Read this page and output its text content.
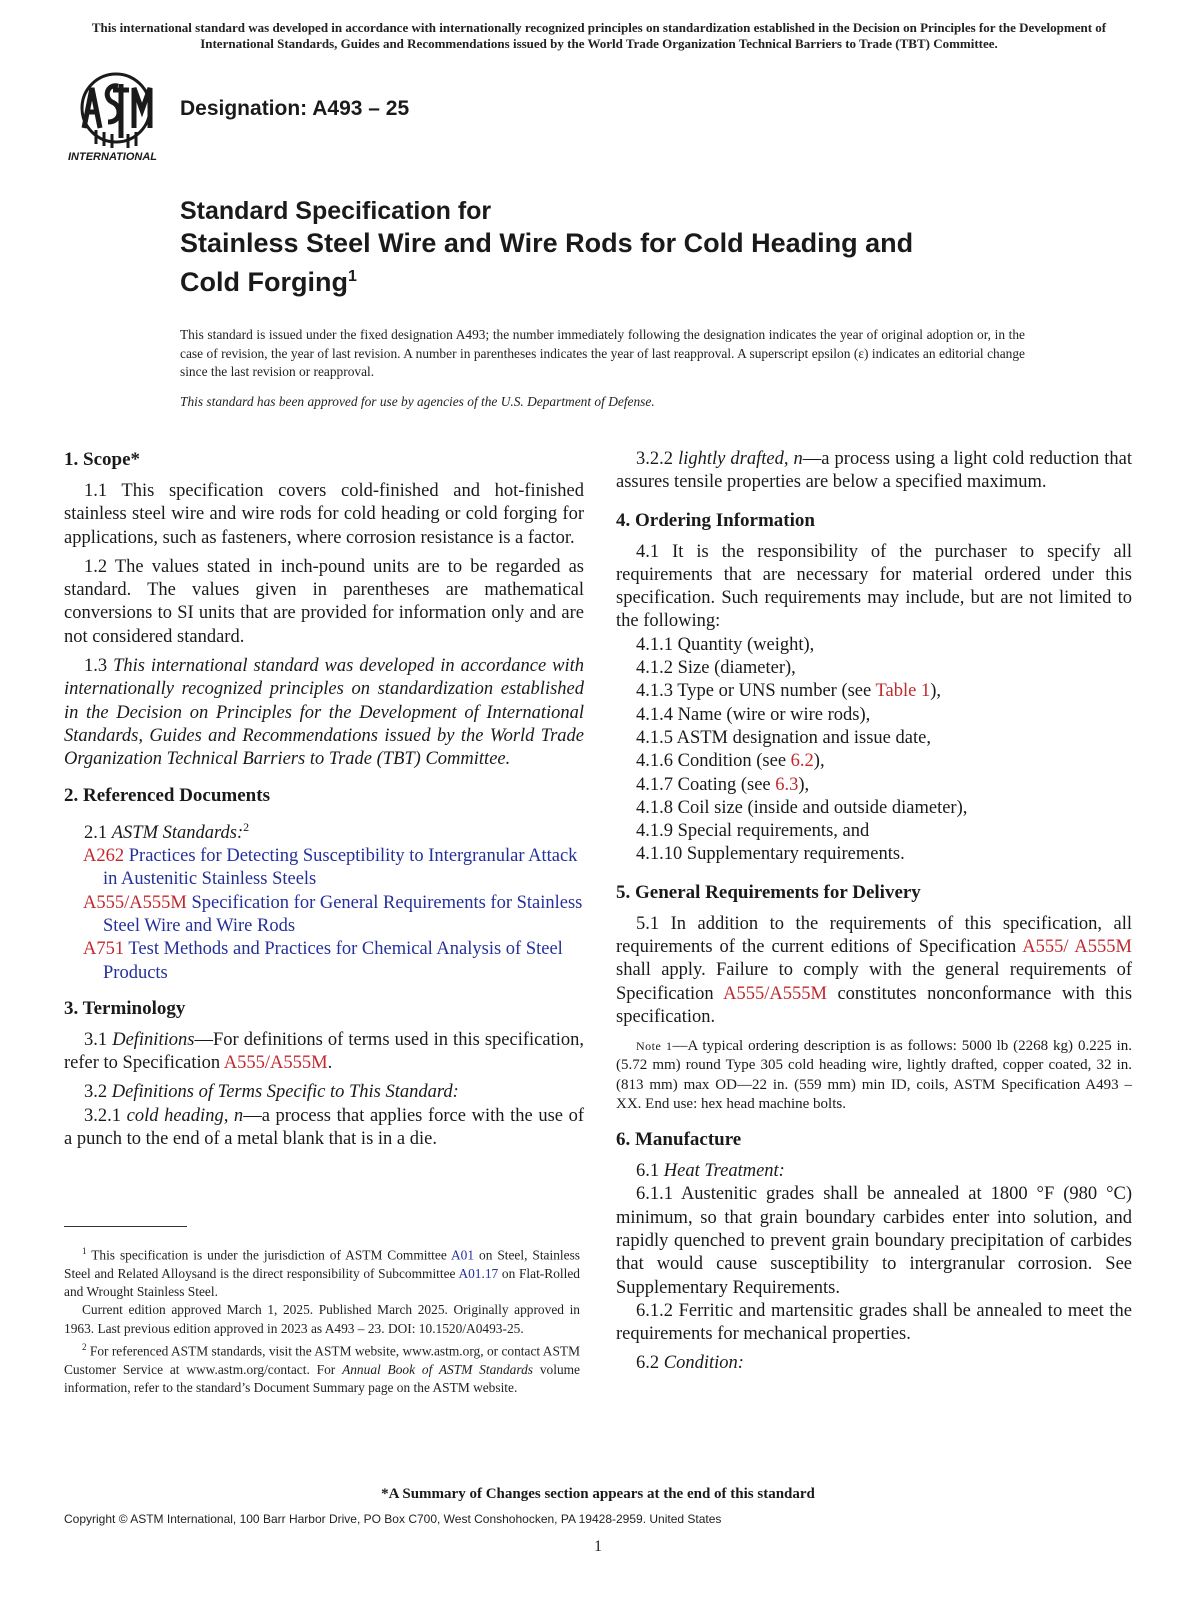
This international standard was developed in accordance with internationally recognized principles on standardization established in the Decision on Principles for the Development of International Standards, Guides and Recommendations issued by the World Trade Organization Technical Barriers to Trade (TBT) Committee.
INTERNATIONAL
Designation: A493 – 25
Standard Specification for
Stainless Steel Wire and Wire Rods for Cold Heading and
Cold Forging$^1$
This standard is issued under the fixed designation A493; the number immediately following the designation indicates the year of original adoption or, in the case of revision, the year of last revision. A number in parentheses indicates the year of last reapproval. A superscript epsilon (ε) indicates an editorial change since the last revision or reapproval.
This standard has been approved for use by agencies of the U.S. Department of Defense.
1. Scope*

1.1 This specification covers cold-finished and hot-finished stainless steel wire and wire rods for cold heading or cold forging for applications, such as fasteners, where corrosion resistance is a factor.

1.2 The values stated in inch-pound units are to be regarded as standard. The values given in parentheses are mathematical conversions to SI units that are provided for information only and are not considered standard.

1.3 This international standard was developed in accordance with internationally recognized principles on standardization established in the Decision on Principles for the Development of International Standards, Guides and Recommendations issued by the World Trade Organization Technical Barriers to Trade (TBT) Committee.

2. Referenced Documents

2.1 ASTM Standards:$^2$

A262 Practices for Detecting Susceptibility to Intergranular Attack in Austenitic Stainless Steels

A555/A555M Specification for General Requirements for Stainless Steel Wire and Wire Rods

A751 Test Methods and Practices for Chemical Analysis of Steel Products

3. Terminology

3.1 Definitions—For definitions of terms used in this specification, refer to Specification A555/A555M.

3.2 Definitions of Terms Specific to This Standard:

3.2.1 cold heading, n—a process that applies force with the use of a punch to the end of a metal blank that is in a die.

3.2.2 lightly drafted, n—a process using a light cold reduction that assures tensile properties are below a specified maximum.

4. Ordering Information

4.1 It is the responsibility of the purchaser to specify all requirements that are necessary for material ordered under this specification. Such requirements may include, but are not limited to the following:

4.1.1 Quantity (weight),

4.1.2 Size (diameter),

4.1.3 Type or UNS number (see Table 1),

4.1.4 Name (wire or wire rods),

4.1.5 ASTM designation and issue date,

4.1.6 Condition (see 6.2),

4.1.7 Coating (see 6.3),

4.1.8 Coil size (inside and outside diameter),

4.1.9 Special requirements, and

4.1.10 Supplementary requirements.

5. General Requirements for Delivery

5.1 In addition to the requirements of this specification, all requirements of the current editions of Specification A555/ A555M shall apply. Failure to comply with the general requirements of Specification A555/A555M constitutes nonconformance with this specification.

Note 1—A typical ordering description is as follows: 5000 lb (2268 kg) 0.225 in. (5.72 mm) round Type 305 cold heading wire, lightly drafted, copper coated, 32 in. (813 mm) max OD—22 in. (559 mm) min ID, coils, ASTM Specification A493 – XX. End use: hex head machine bolts.

6. Manufacture

6.1 Heat Treatment:

6.1.1 Austenitic grades shall be annealed at 1800 °F (980 °C) minimum, so that grain boundary carbides enter into solution, and rapidly quenched to prevent grain boundary precipitation of carbides that would cause susceptibility to intergranular corrosion. See Supplementary Requirements.

6.1.2 Ferritic and martensitic grades shall be annealed to meet the requirements for mechanical properties.

6.2 Condition:

$^1$ This specification is under the jurisdiction of ASTM Committee A01 on Steel, Stainless Steel and Related Alloysand is the direct responsibility of Subcommittee A01.17 on Flat-Rolled and Wrought Stainless Steel.

Current edition approved March 1, 2025. Published March 2025. Originally approved in 1963. Last previous edition approved in 2023 as A493 – 23. DOI: 10.1520/A0493-25.

$^2$ For referenced ASTM standards, visit the ASTM website, www.astm.org, or contact ASTM Customer Service at www.astm.org/contact. For Annual Book of ASTM Standards volume information, refer to the standard’s Document Summary page on the ASTM website.

*A Summary of Changes section appears at the end of this standard
Copyright © ASTM International, 100 Barr Harbor Drive, PO Box C700, West Conshohocken, PA 19428-2959. United States
1
